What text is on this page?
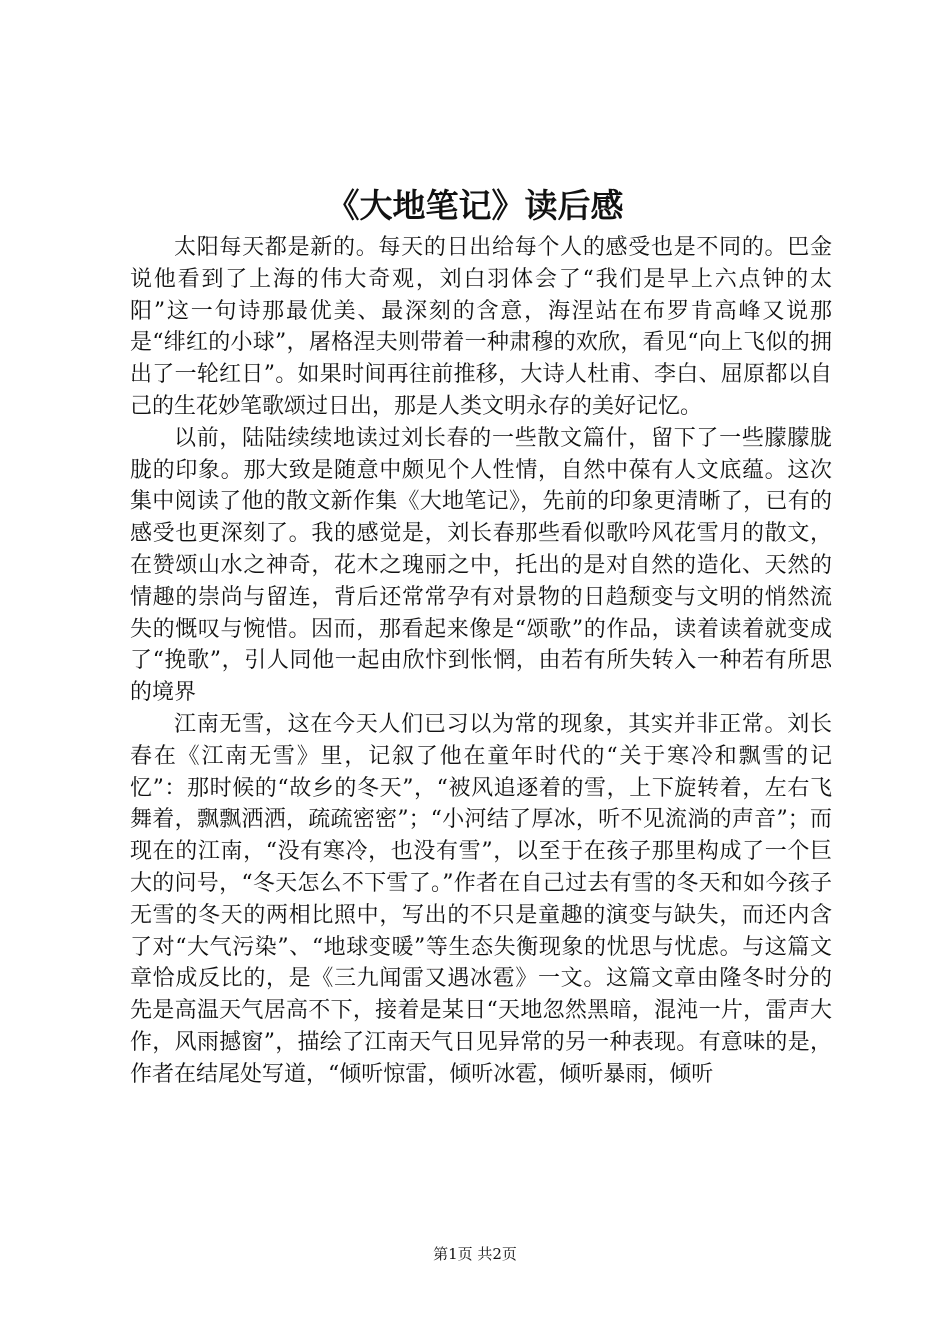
《大地笔记》读后感

太阳每天都是新的。每天的日出给每个人的感受也是不同的。巴金说他看到了上海的伟大奇观，刘白羽体会了“我们是早上六点钟的太阳”这一句诗那最优美、最深刻的含意，海涅站在布罗肯高峰又说那是“绯红的小球”，屠格涅夫则带着一种肃穆的欢欣，看见“向上飞似的拥出了一轮红日”。如果时间再往前推移，大诗人杜甫、李白、屈原都以自己的生花妙笔歌颂过日出，那是人类文明永存的美好记忆。

以前，陆陆续续地读过刘长春的一些散文篇什，留下了一些朦朦胧胧的印象。那大致是随意中颇见个人性情，自然中葆有人文底蕴。这次集中阅读了他的散文新作集《大地笔记》，先前的印象更清晰了，已有的感受也更深刻了。我的感觉是，刘长春那些看似歌吟风花雪月的散文，在赞颂山水之神奇，花木之瑰丽之中，托出的是对自然的造化、天然的情趣的崇尚与留连，背后还常常孕有对景物的日趋颓变与文明的悄然流失的慨叹与惋惜。因而，那看起来像是“颂歌”的作品，读着读着就变成了“挽歌”，引人同他一起由欣忭到怅惘，由若有所失转入一种若有所思的境界

江南无雪，这在今天人们已习以为常的现象，其实并非正常。刘长春在《江南无雪》里，记叙了他在童年时代的“关于寒冷和飘雪的记忆”：那时候的“故乡的冬天”，“被风追逐着的雪，上下旋转着，左右飞舞着，飘飘洒洒，疏疏密密”；“小河结了厚冰，听不见流淌的声音”；而现在的江南，“没有寒冷，也没有雪”，以至于在孩子那里构成了一个巨大的问号，“冬天怎么不下雪了。”作者在自己过去有雪的冬天和如今孩子无雪的冬天的两相比照中，写出的不只是童趣的演变与缺失，而还内含了对“大气污染”、“地球变暖”等生态失衡现象的忧思与忧虑。与这篇文章恰成反比的，是《三九闻雷又遇冰雹》一文。这篇文章由隆冬时分的先是高温天气居高不下，接着是某日“天地忽然黑暗，混沌一片，雷声大作，风雨撼窗”，描绘了江南天气日见异常的另一种表现。有意味的是，作者在结尾处写道，“倾听惊雷，倾听冰雹，倾听暴雨，倾听

第1页 共2页
